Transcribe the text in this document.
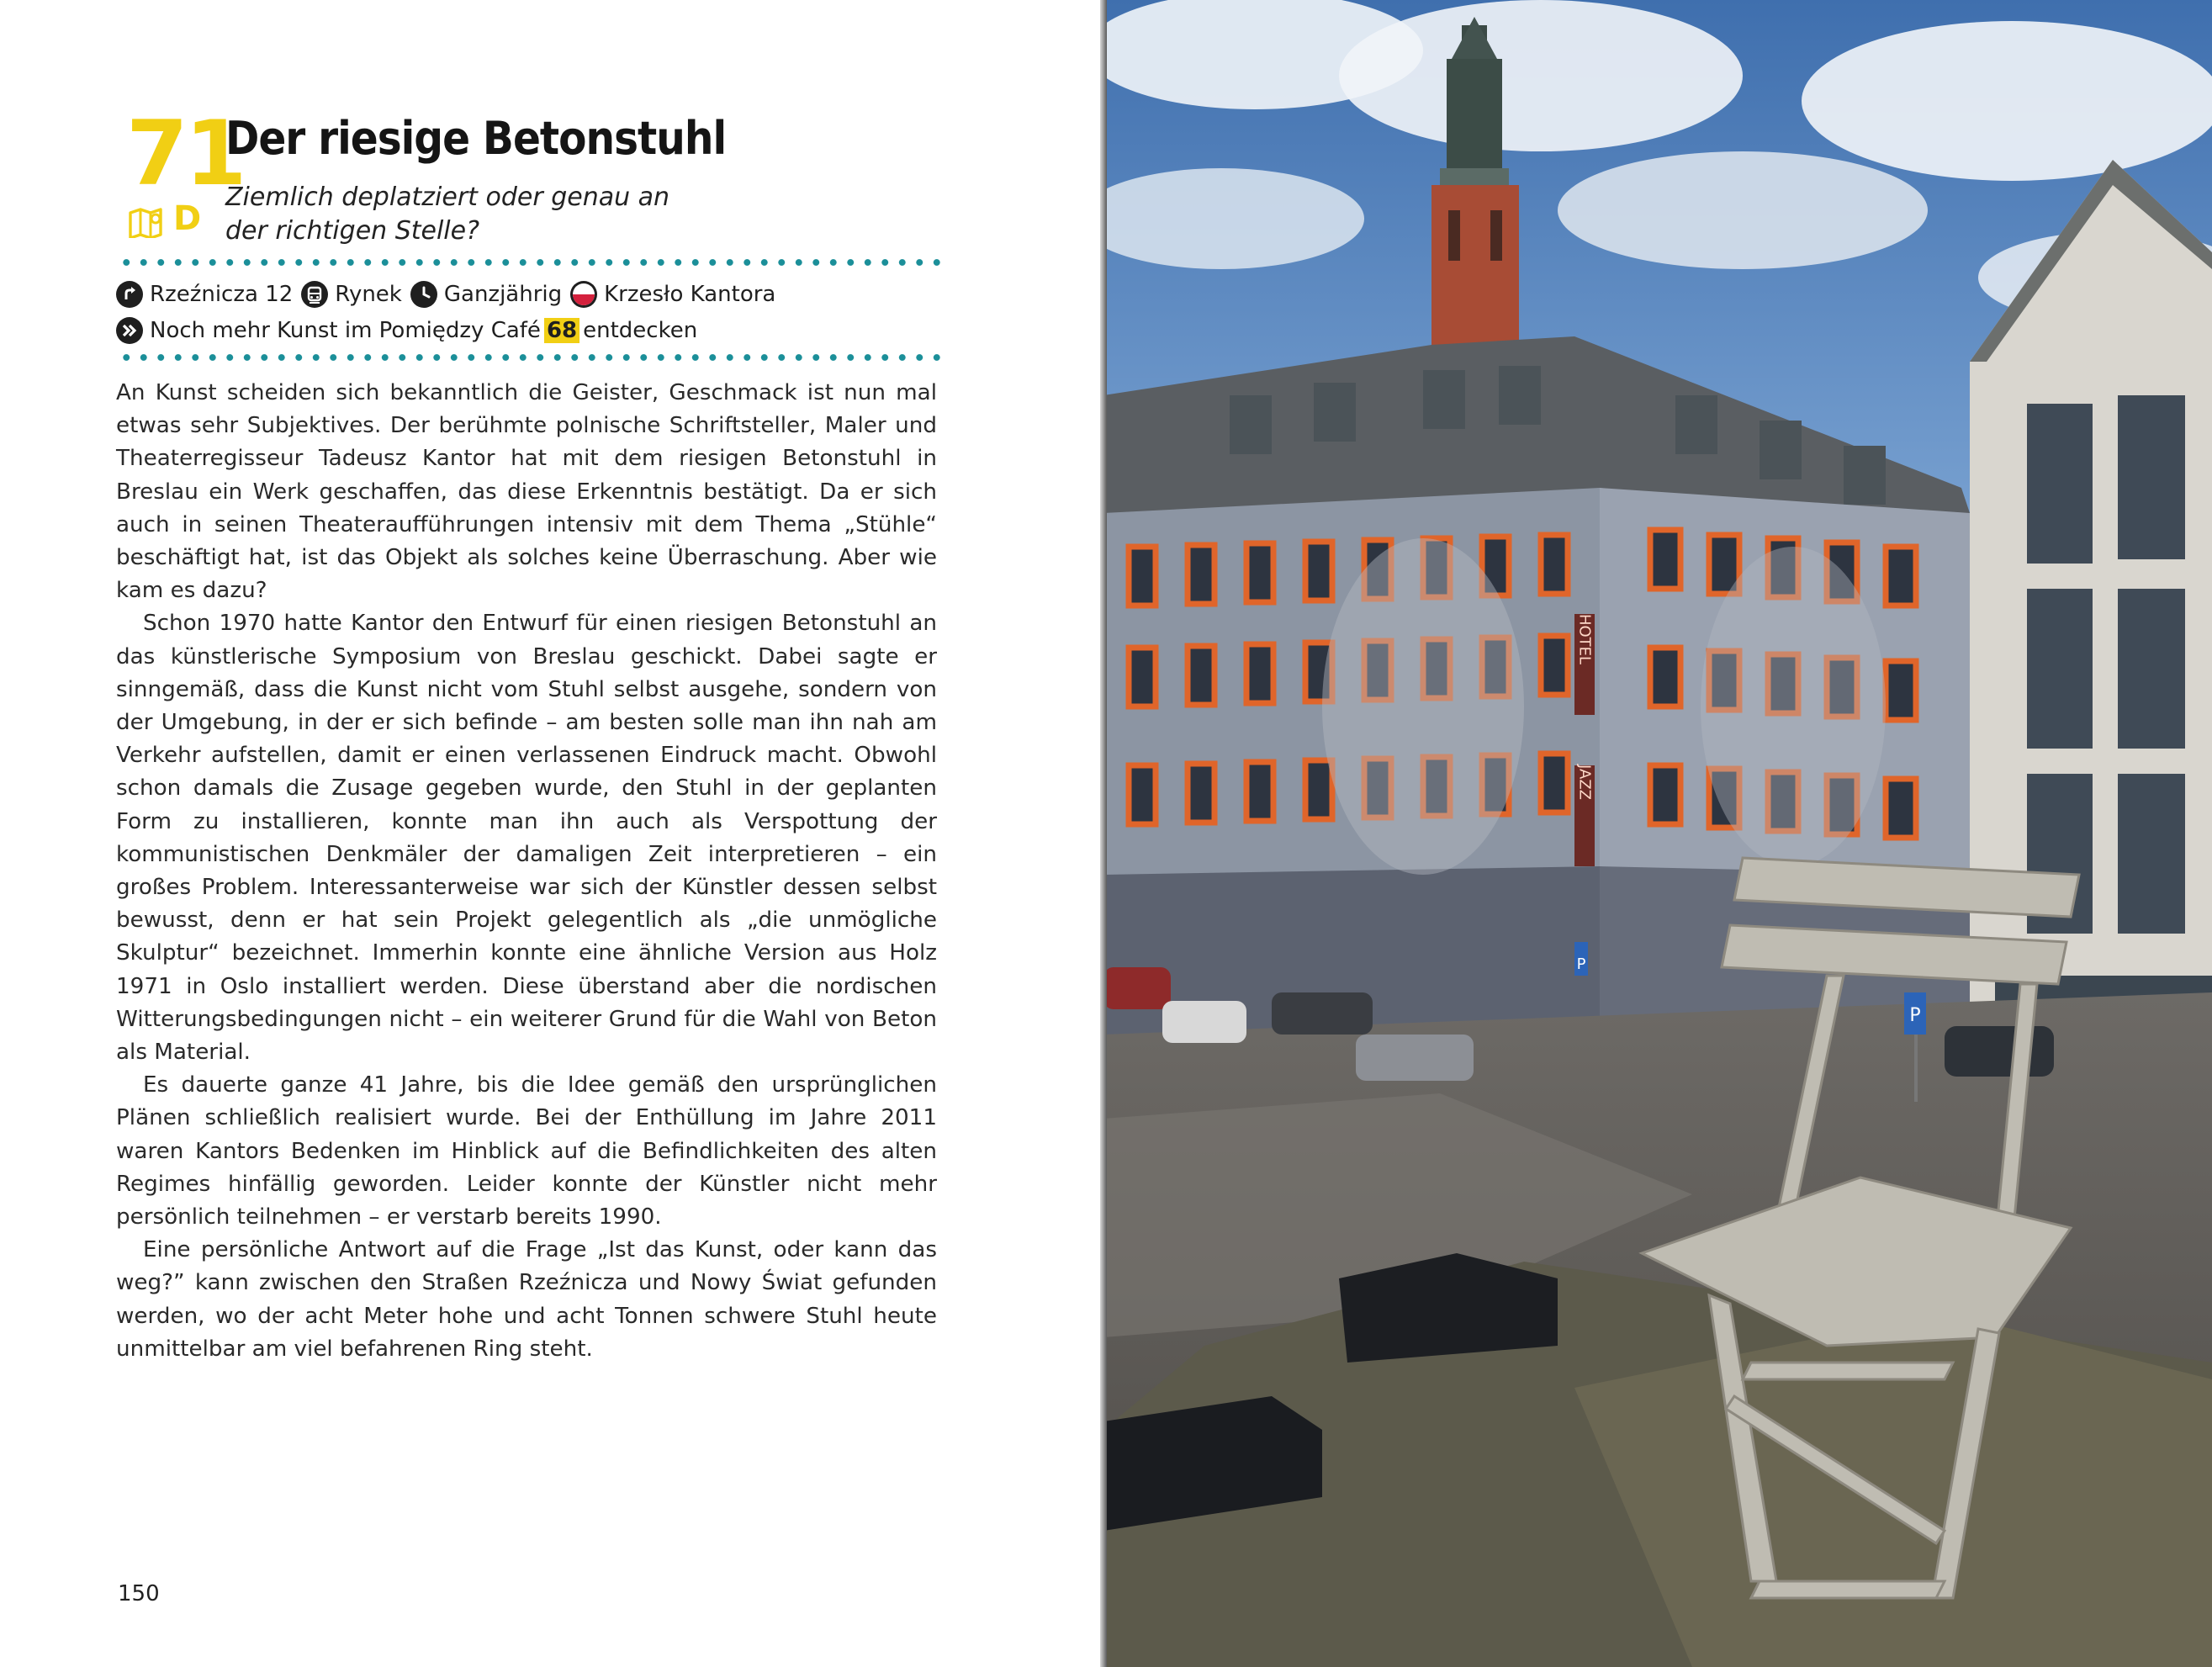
71
D
Der riesige Betonstuhl
Ziemlich deplatziert oder genau an der richtigen Stelle?
Rzeźnicza 12 Rynek Ganzjährig Krzesło Kantora
Noch mehr Kunst im Pomiędzy Café 68 entdecken

An Kunst scheiden sich bekanntlich die Geister, Geschmack ist nun mal etwas sehr Subjektives. Der berühmte polnische Schriftsteller, Maler und Theaterregisseur Tadeusz Kantor hat mit dem riesigen Betonstuhl in Breslau ein Werk geschaffen, das diese Erkenntnis bestätigt. Da er sich auch in seinen Theateraufführungen intensiv mit dem Thema „Stühle“ beschäftigt hat, ist das Objekt als solches keine Überraschung. Aber wie kam es dazu?

Schon 1970 hatte Kantor den Entwurf für einen riesigen Betonstuhl an das künstlerische Symposium von Breslau geschickt. Dabei sagte er sinngemäß, dass die Kunst nicht vom Stuhl selbst ausgehe, sondern von der Umgebung, in der er sich befinde – am besten solle man ihn nah am Verkehr aufstellen, damit er einen verlassenen Eindruck macht. Obwohl schon damals die Zusage gegeben wurde, den Stuhl in der geplanten Form zu installieren, konnte man ihn auch als Verspottung der kommunistischen Denkmäler der damaligen Zeit interpretieren – ein großes Problem. Interessanterweise war sich der Künstler dessen selbst bewusst, denn er hat sein Projekt gelegentlich als „die unmögliche Skulptur“ bezeichnet. Immerhin konnte eine ähnliche Version aus Holz 1971 in Oslo installiert werden. Diese überstand aber die nordischen Witterungsbedingungen nicht – ein weiterer Grund für die Wahl von Beton als Material.

Es dauerte ganze 41 Jahre, bis die Idee gemäß den ursprünglichen Plänen schließlich realisiert wurde. Bei der Enthüllung im Jahre 2011 waren Kantors Bedenken im Hinblick auf die Befindlichkeiten des alten Regimes hinfällig geworden. Leider konnte der Künstler nicht mehr persönlich teilnehmen – er verstarb bereits 1990.

Eine persönliche Antwort auf die Frage „Ist das Kunst, oder kann das weg?” kann zwischen den Straßen Rzeźnicza und Nowy Świat gefunden werden, wo der acht Meter hohe und acht Tonnen schwere Stuhl heute unmittelbar am viel befahrenen Ring steht.

150
HOTEL
JAZZ
P
P
